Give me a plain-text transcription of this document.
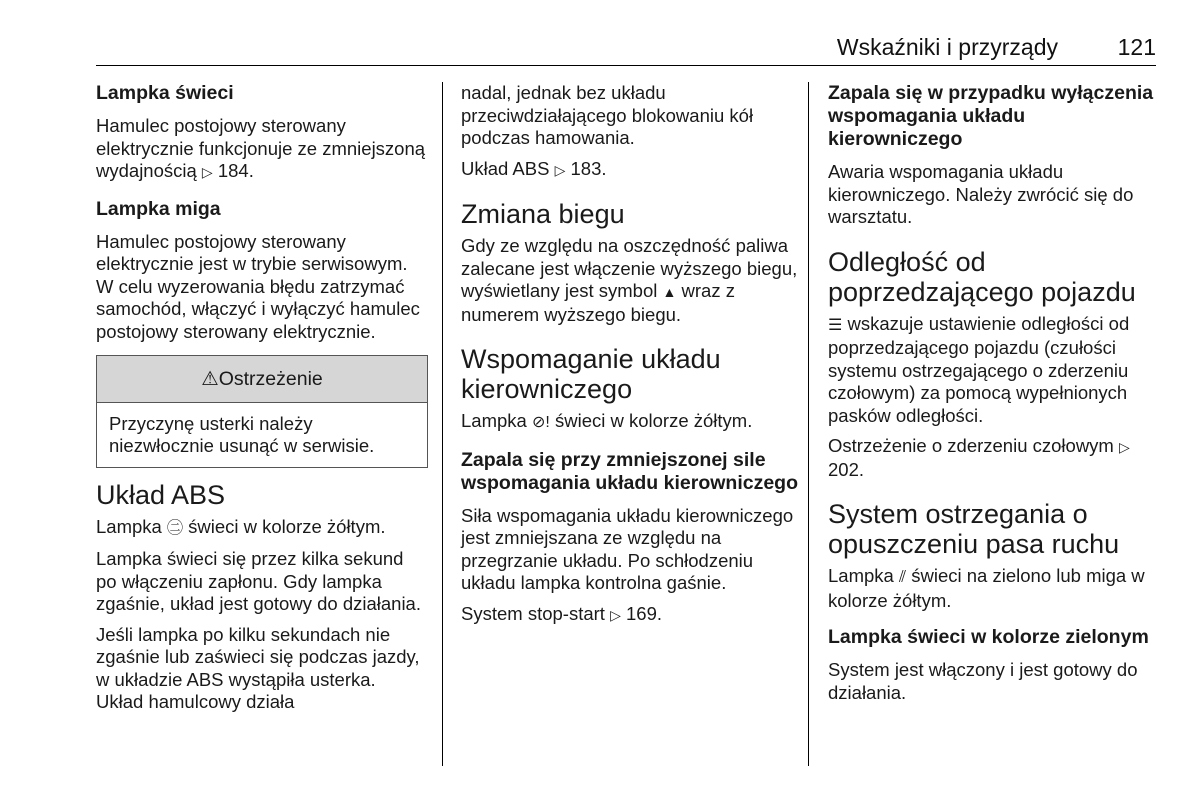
Wskaźniki i przyrządy	121
Lampka świeci

Hamulec postojowy sterowany elektrycznie funkcjonuje ze zmniejszoną wydajnością ▷ 184.

Lampka miga

Hamulec postojowy sterowany elektrycznie jest w trybie serwisowym. W celu wyzerowania błędu zatrzymać samochód, włączyć i wyłączyć hamulec postojowy sterowany elektrycznie.

⚠Ostrzeżenie
Przyczynę usterki należy niezwłocznie usunąć w serwisie.
Układ ABS

Lampka ㊁ świeci w kolorze żółtym.

Lampka świeci się przez kilka sekund po włączeniu zapłonu. Gdy lampka zgaśnie, układ jest gotowy do działania.

Jeśli lampka po kilku sekundach nie zgaśnie lub zaświeci się podczas jazdy, w układzie ABS wystąpiła usterka. Układ hamulcowy działa

nadal, jednak bez układu przeciwdziałającego blokowaniu kół podczas hamowania.

Układ ABS ▷ 183.

Zmiana biegu

Gdy ze względu na oszczędność paliwa zalecane jest włączenie wyższego biegu, wyświetlany jest symbol ▲ wraz z numerem wyższego biegu.

Wspomaganie układu kierowniczego

Lampka ⊘! świeci w kolorze żółtym.

Zapala się przy zmniejszonej sile wspomagania układu kierowniczego

Siła wspomagania układu kierowniczego jest zmniejszana ze względu na przegrzanie układu. Po schłodzeniu układu lampka kontrolna gaśnie.

System stop-start ▷ 169.

Zapala się w przypadku wyłączenia wspomagania układu kierowniczego

Awaria wspomagania układu kierowniczego. Należy zwrócić się do warsztatu.

Odległość od poprzedzającego pojazdu

☰ wskazuje ustawienie odległości od poprzedzającego pojazdu (czułości systemu ostrzegającego o zderzeniu czołowym) za pomocą wypełnionych pasków odległości.

Ostrzeżenie o zderzeniu czołowym ▷ 202.

System ostrzegania o opuszczeniu pasa ruchu

Lampka ⫽ świeci na zielono lub miga w kolorze żółtym.

Lampka świeci w kolorze zielonym

System jest włączony i jest gotowy do działania.
